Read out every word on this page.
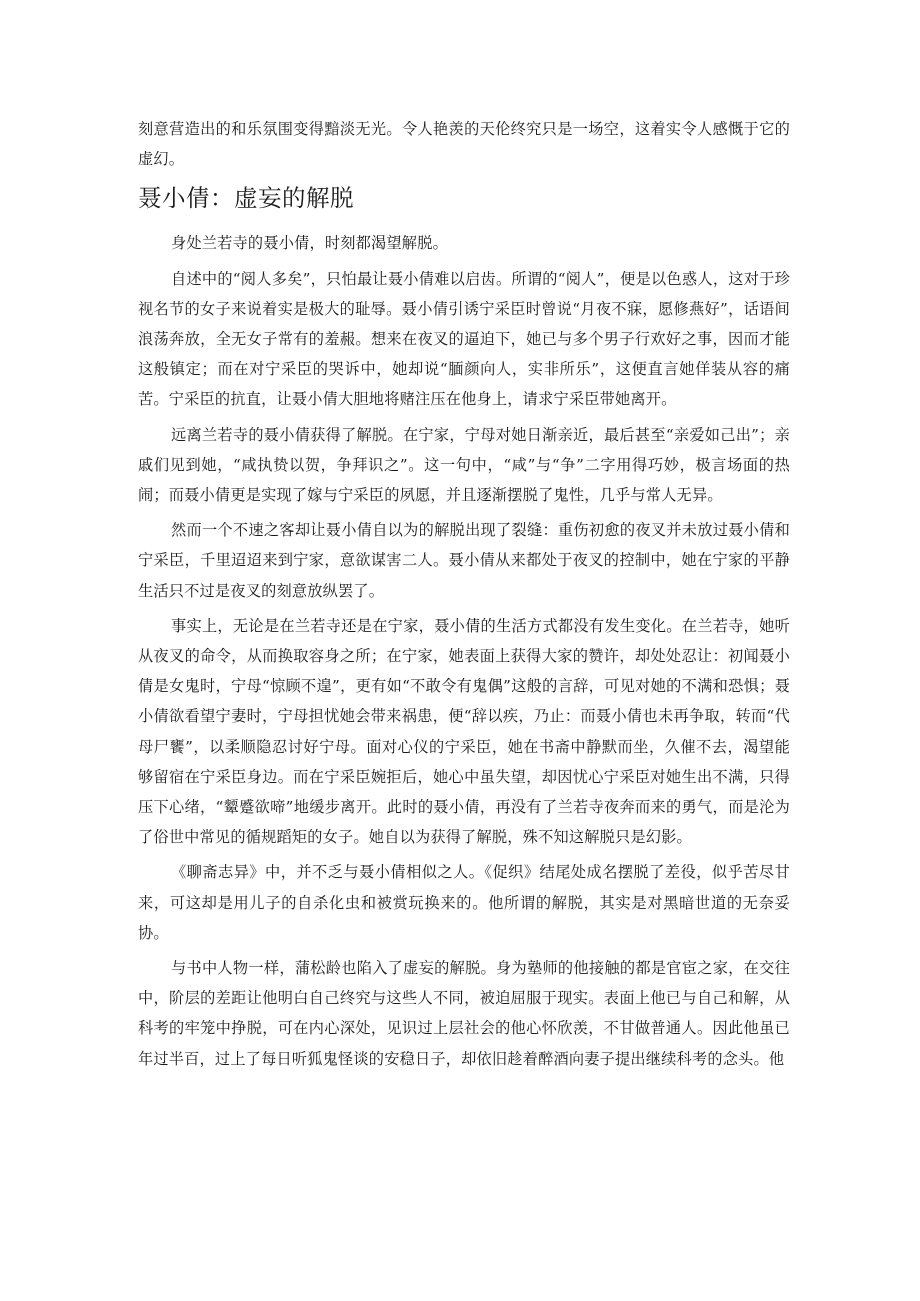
刻意营造出的和乐氛围变得黯淡无光。令人艳羡的天伦终究只是一场空，这着实令人感慨于它的虚幻。

聂小倩：虚妄的解脱

身处兰若寺的聂小倩，时刻都渴望解脱。

自述中的“阅人多矣”，只怕最让聂小倩难以启齿。所谓的“阅人”，便是以色惑人，这对于珍视名节的女子来说着实是极大的耻辱。聂小倩引诱宁采臣时曾说“月夜不寐，愿修燕好”，话语间浪荡奔放，全无女子常有的羞赧。想来在夜叉的逼迫下，她已与多个男子行欢好之事，因而才能这般镇定；而在对宁采臣的哭诉中，她却说“腼颜向人，实非所乐”，这便直言她佯装从容的痛苦。宁采臣的抗直，让聂小倩大胆地将赌注压在他身上，请求宁采臣带她离开。

远离兰若寺的聂小倩获得了解脱。在宁家，宁母对她日渐亲近，最后甚至“亲爱如己出”；亲戚们见到她，“咸执贽以贺，争拜识之”。这一句中，“咸”与“争”二字用得巧妙，极言场面的热闹；而聂小倩更是实现了嫁与宁采臣的夙愿，并且逐渐摆脱了鬼性，几乎与常人无异。

然而一个不速之客却让聂小倩自以为的解脱出现了裂缝：重伤初愈的夜叉并未放过聂小倩和宁采臣，千里迢迢来到宁家，意欲谋害二人。聂小倩从来都处于夜叉的控制中，她在宁家的平静生活只不过是夜叉的刻意放纵罢了。

事实上，无论是在兰若寺还是在宁家，聂小倩的生活方式都没有发生变化。在兰若寺，她听从夜叉的命令，从而换取容身之所；在宁家，她表面上获得大家的赞许，却处处忍让：初闻聂小倩是女鬼时，宁母“惊顾不遑”，更有如“不敢令有鬼偶”这般的言辞，可见对她的不满和恐惧；聂小倩欲看望宁妻时，宁母担忧她会带来祸患，便“辞以疾，乃止：而聂小倩也未再争取，转而“代母尸饔”，以柔顺隐忍讨好宁母。面对心仪的宁采臣，她在书斋中静默而坐，久催不去，渴望能够留宿在宁采臣身边。而在宁采臣婉拒后，她心中虽失望，却因忧心宁采臣对她生出不满，只得压下心绪，“颦蹙欲啼”地缓步离开。此时的聂小倩，再没有了兰若寺夜奔而来的勇气，而是沦为了俗世中常见的循规蹈矩的女子。她自以为获得了解脱，殊不知这解脱只是幻影。

《聊斋志异》中，并不乏与聂小倩相似之人。《促织》结尾处成名摆脱了差役，似乎苦尽甘来，可这却是用儿子的自杀化虫和被赏玩换来的。他所谓的解脱，其实是对黑暗世道的无奈妥协。

与书中人物一样，蒲松龄也陷入了虚妄的解脱。身为塾师的他接触的都是官宦之家，在交往中，阶层的差距让他明白自己终究与这些人不同，被迫屈服于现实。表面上他已与自己和解，从科考的牢笼中挣脱，可在内心深处，见识过上层社会的他心怀欣羡，不甘做普通人。因此他虽已年过半百，过上了每日听狐鬼怪谈的安稳日子，却依旧趁着醉酒向妻子提出继续科考的念头。他
